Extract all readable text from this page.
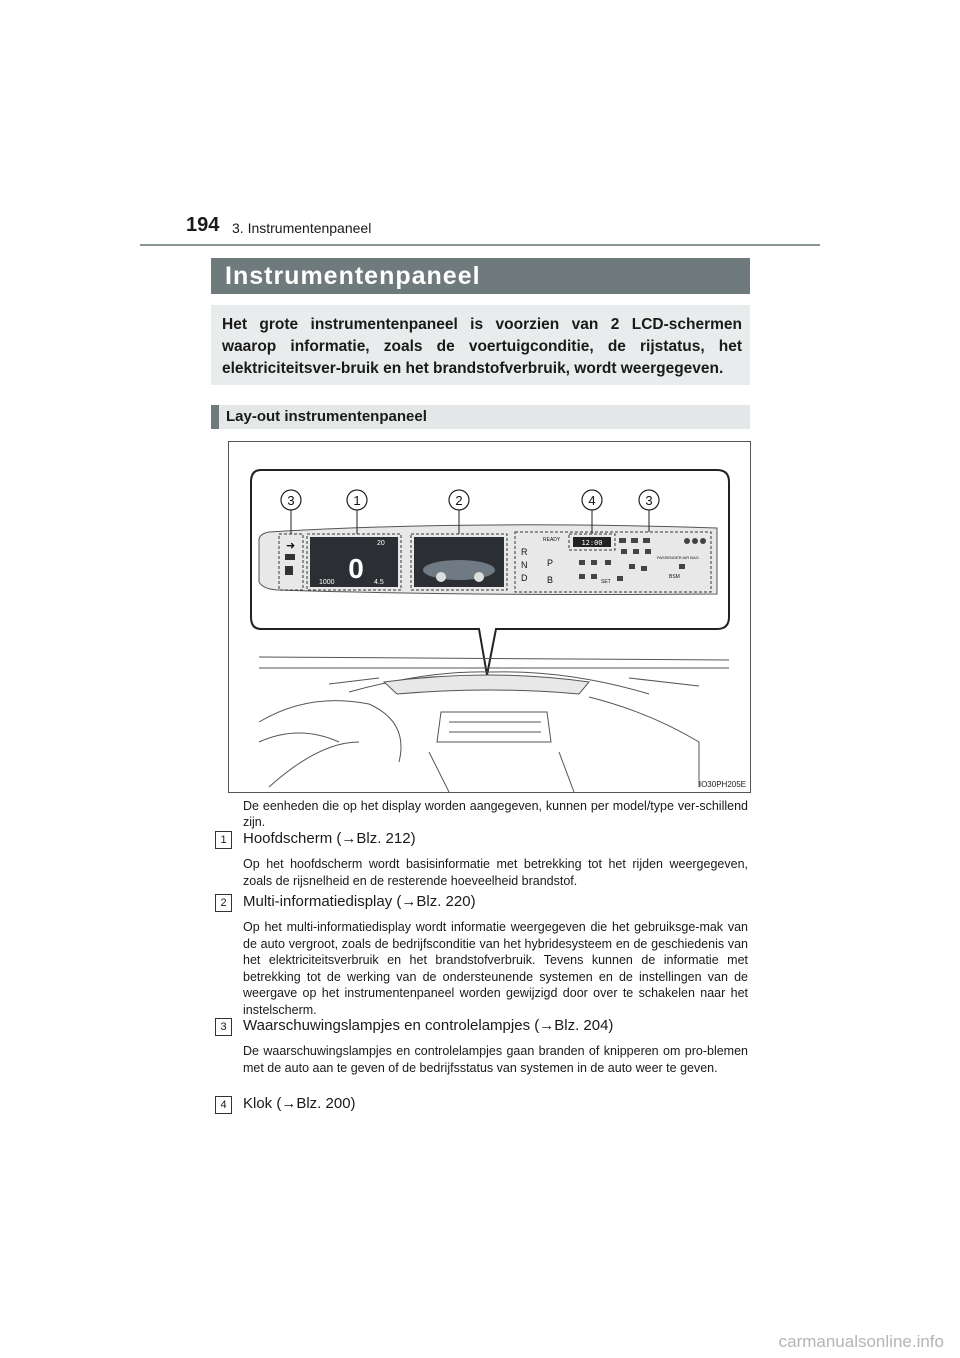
194 3. Instrumentenpaneel
Instrumentenpaneel
Het grote instrumentenpaneel is voorzien van 2 LCD-schermen waarop informatie, zoals de voertuigconditie, de rijstatus, het elektriciteitsver-bruik en het brandstofverbruik, wordt weergegeven.
Lay-out instrumentenpaneel
➜
0
20
1000	4.5
12:00
READY
R
N
D
P
B
PASSENGER AIR BAG
BSM
SET
3	1	2	4	3
IO30PH205E
De eenheden die op het display worden aangegeven, kunnen per model/type ver-schillend zijn.
1	Hoofdscherm (→Blz. 212)
Op het hoofdscherm wordt basisinformatie met betrekking tot het rijden weergegeven, zoals de rijsnelheid en de resterende hoeveelheid brandstof.
2	Multi-informatiedisplay (→Blz. 220)
Op het multi-informatiedisplay wordt informatie weergegeven die het gebruiksge-mak van de auto vergroot, zoals de bedrijfsconditie van het hybridesysteem en de geschiedenis van het elektriciteitsverbruik en het brandstofverbruik. Tevens kunnen de informatie met betrekking tot de werking van de ondersteunende systemen en de instellingen van de weergave op het instrumentenpaneel worden gewijzigd door over te schakelen naar het instelscherm.
3	Waarschuwingslampjes en controlelampjes (→Blz. 204)
De waarschuwingslampjes en controlelampjes gaan branden of knipperen om pro-blemen met de auto aan te geven of de bedrijfsstatus van systemen in de auto weer te geven.
4	Klok (→Blz. 200)
carmanualsonline.info
